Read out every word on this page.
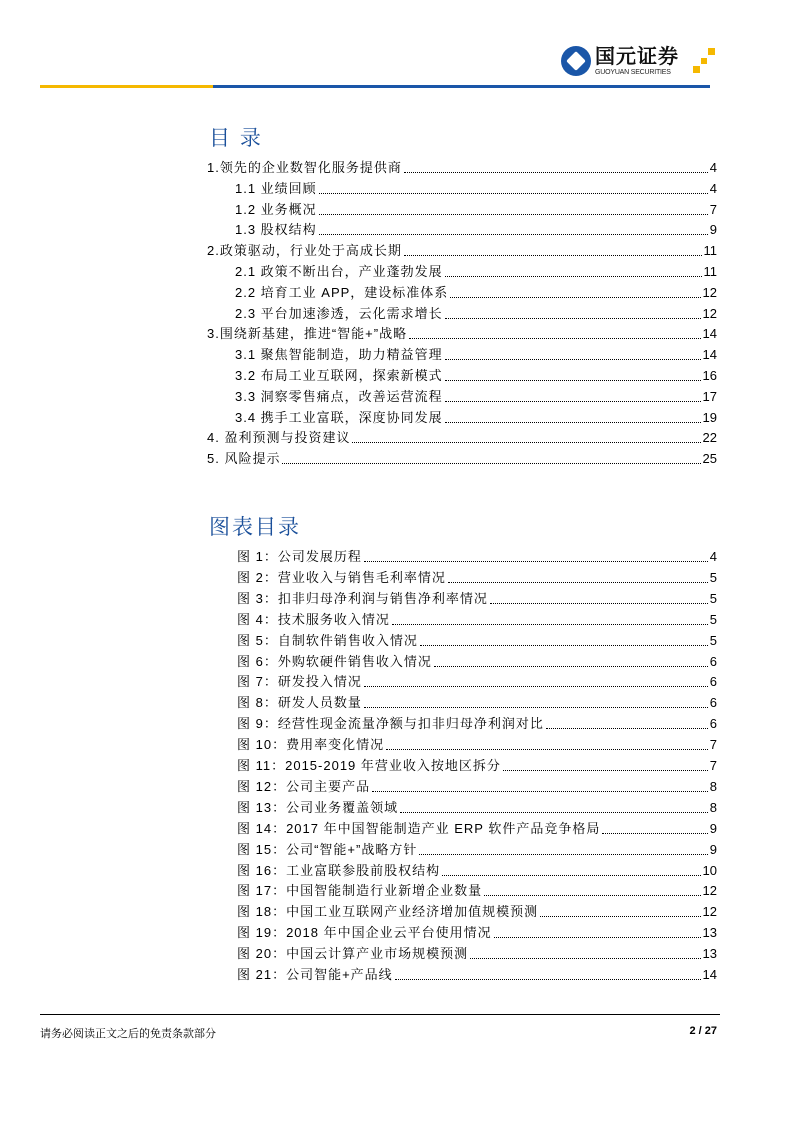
国元证券
GUOYUAN SECURITIES
目 录
1.领先的企业数智化服务提供商	4
1.1 业绩回顾	4
1.2 业务概况	7
1.3 股权结构	9
2.政策驱动，行业处于高成长期	11
2.1 政策不断出台，产业蓬勃发展	11
2.2 培育工业 APP，建设标准体系	12
2.3 平台加速渗透，云化需求增长	12
3.围绕新基建，推进“智能+”战略	14
3.1 聚焦智能制造，助力精益管理	14
3.2 布局工业互联网，探索新模式	16
3.3 洞察零售痛点，改善运营流程	17
3.4 携手工业富联，深度协同发展	19
4. 盈利预测与投资建议	22
5. 风险提示	25
图表目录
图 1：公司发展历程	4
图 2：营业收入与销售毛利率情况	5
图 3：扣非归母净利润与销售净利率情况	5
图 4：技术服务收入情况	5
图 5：自制软件销售收入情况	5
图 6：外购软硬件销售收入情况	6
图 7：研发投入情况	6
图 8：研发人员数量	6
图 9：经营性现金流量净额与扣非归母净利润对比	6
图 10：费用率变化情况	7
图 11：2015-2019 年营业收入按地区拆分	7
图 12：公司主要产品	8
图 13：公司业务覆盖领域	8
图 14：2017 年中国智能制造产业 ERP 软件产品竞争格局	9
图 15：公司“智能+”战略方针	9
图 16：工业富联参股前股权结构	10
图 17：中国智能制造行业新增企业数量	12
图 18：中国工业互联网产业经济增加值规模预测	12
图 19：2018 年中国企业云平台使用情况	13
图 20：中国云计算产业市场规模预测	13
图 21：公司智能+产品线	14
请务必阅读正文之后的免责条款部分	2 / 27
